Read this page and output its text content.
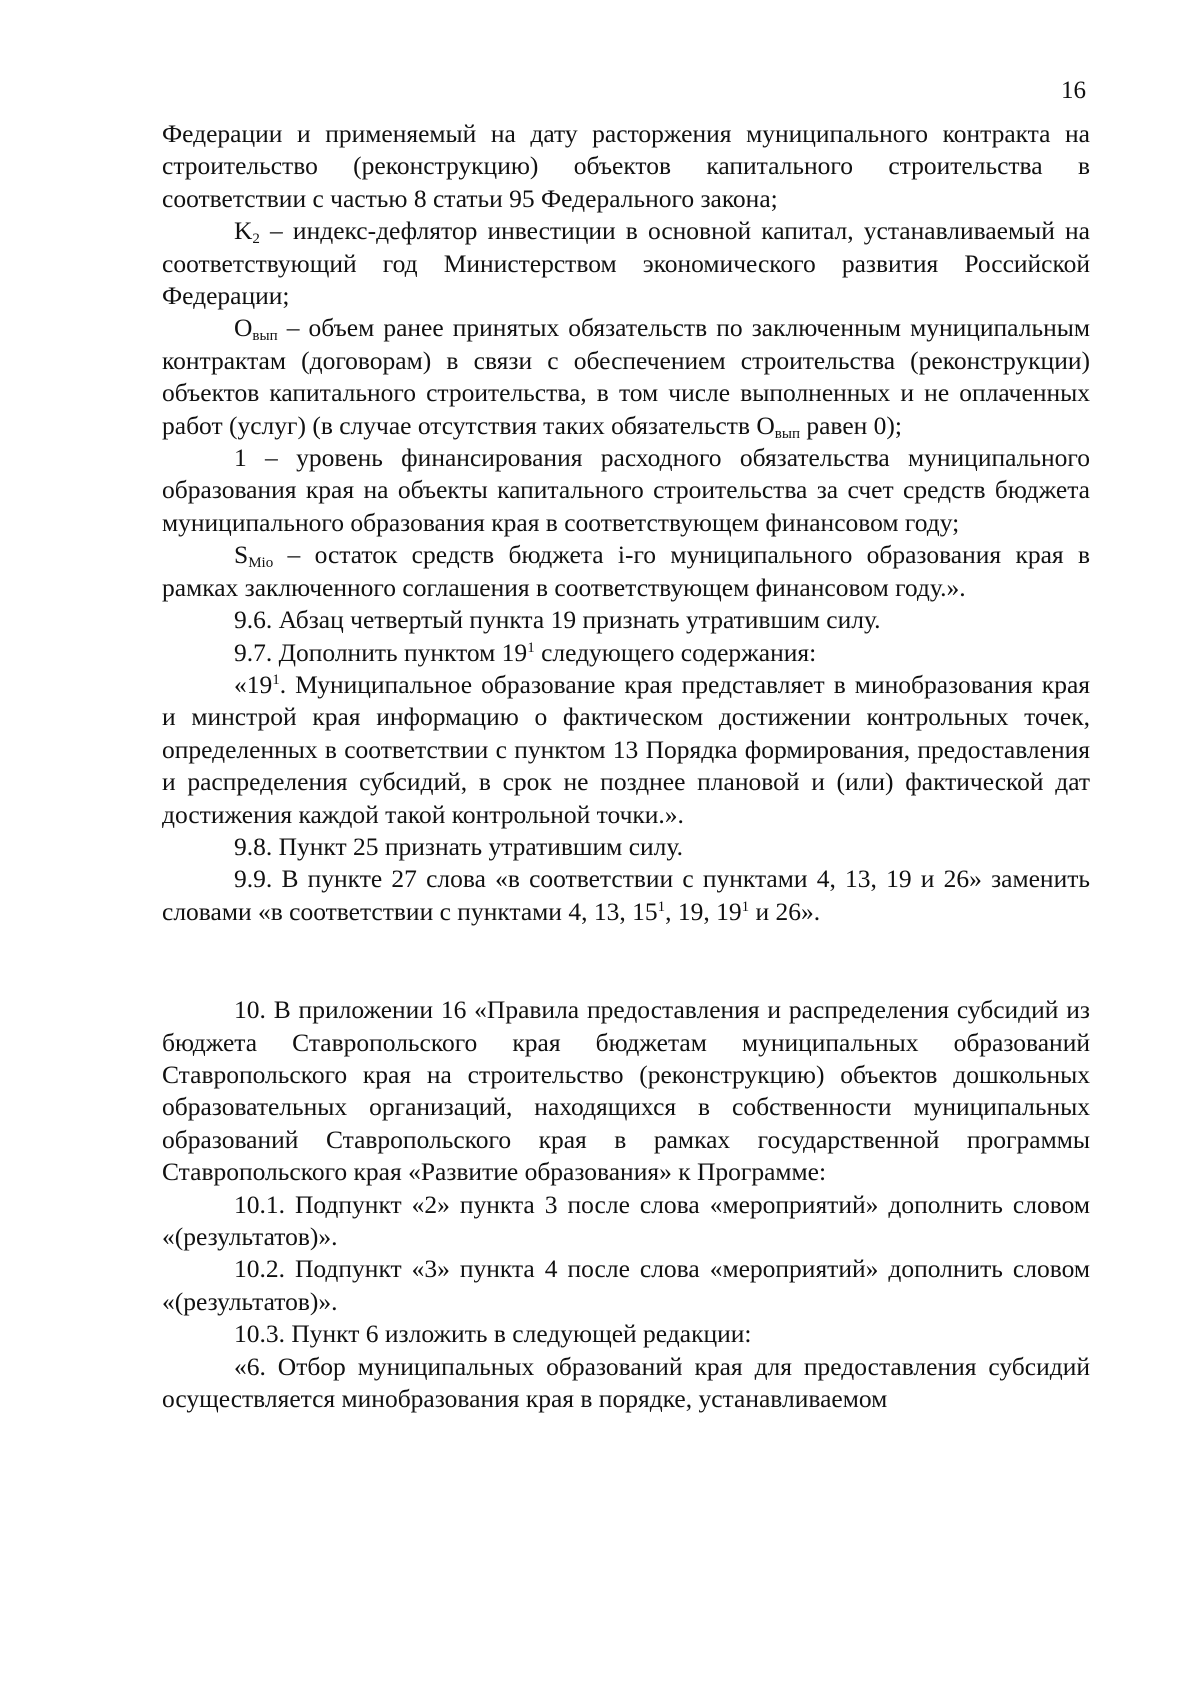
16

Федерации и применяемый на дату расторжения муниципального контракта на строительство (реконструкцию) объектов капитального строительства в соответствии с частью 8 статьи 95 Федерального закона;

$K_2$ – индекс-дефлятор инвестиции в основной капитал, устанавливаемый на соответствующий год Министерством экономического развития Российской Федерации;

$О_{вып}$ – объем ранее принятых обязательств по заключенным муниципальным контрактам (договорам) в связи с обеспечением строительства (реконструкции) объектов капитального строительства, в том числе выполненных и не оплаченных работ (услуг) (в случае отсутствия таких обязательств $О_{вып}$ равен 0);

1 – уровень финансирования расходного обязательства муниципального образования края на объекты капитального строительства за счет средств бюджета муниципального образования края в соответствующем финансовом году;

$S_{Mio}$ – остаток средств бюджета i-го муниципального образования края в рамках заключенного соглашения в соответствующем финансовом году.».

9.6. Абзац четвертый пункта 19 признать утратившим силу.

9.7. Дополнить пунктом $19^1$ следующего содержания:

«$19^1$. Муниципальное образование края представляет в минобразования края и минстрой края информацию о фактическом достижении контрольных точек, определенных в соответствии с пунктом 13 Порядка формирования, предоставления и распределения субсидий, в срок не позднее плановой и (или) фактической дат достижения каждой такой контрольной точки.».

9.8. Пункт 25 признать утратившим силу.

9.9. В пункте 27 слова «в соответствии с пунктами 4, 13, 19 и 26» заменить словами «в соответствии с пунктами 4, 13, $15^1$, 19, $19^1$ и 26».

10. В приложении 16 «Правила предоставления и распределения субсидий из бюджета Ставропольского края бюджетам муниципальных образований Ставропольского края на строительство (реконструкцию) объектов дошкольных образовательных организаций, находящихся в собственности муниципальных образований Ставропольского края в рамках государственной программы Ставропольского края «Развитие образования» к Программе:

10.1. Подпункт «2» пункта 3 после слова «мероприятий» дополнить словом «(результатов)».

10.2. Подпункт «3» пункта 4 после слова «мероприятий» дополнить словом «(результатов)».

10.3. Пункт 6 изложить в следующей редакции:

«6. Отбор муниципальных образований края для предоставления субсидий осуществляется минобразования края в порядке, устанавливаемом
